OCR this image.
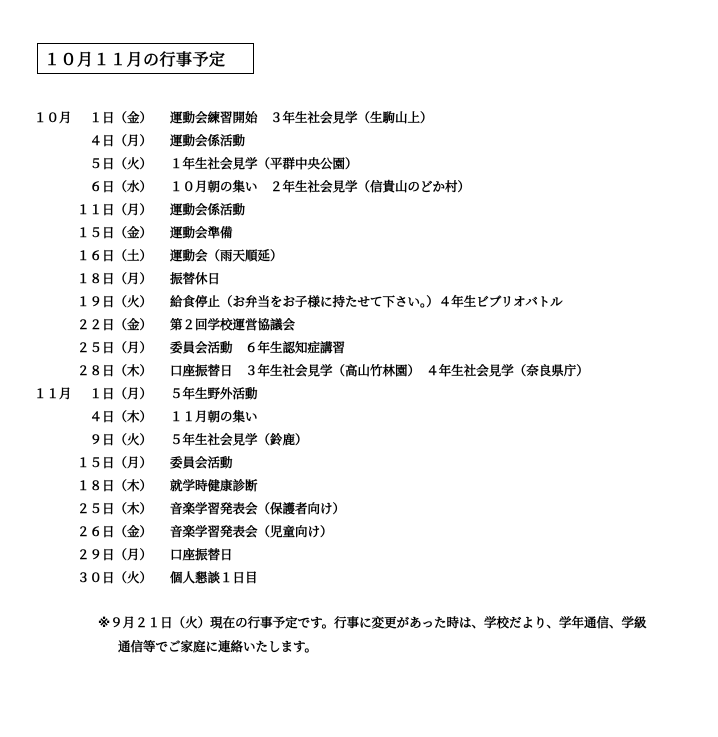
１０月１１月の行事予定
１０月	１日（金） 運動会練習開始　３年生社会見学（生駒山上）
４日（月） 運動会係活動
５日（火） １年生社会見学（平群中央公園）
６日（水） １０月朝の集い　２年生社会見学（信貴山のどか村）
１１日（月） 運動会係活動
１５日（金） 運動会準備
１６日（土） 運動会（雨天順延）
１８日（月） 振替休日
１９日（火） 給食停止（お弁当をお子様に持たせて下さい。）４年生ビブリオバトル
２２日（金） 第２回学校運営協議会
２５日（月） 委員会活動　６年生認知症講習
２８日（木） 口座振替日　３年生社会見学（高山竹林園）　４年生社会見学（奈良県庁）
１１月	１日（月） ５年生野外活動
４日（木） １１月朝の集い
９日（火） ５年生社会見学（鈴鹿）
１５日（月） 委員会活動
１８日（木） 就学時健康診断
２５日（木） 音楽学習発表会（保護者向け）
２６日（金） 音楽学習発表会（児童向け）
２９日（月） 口座振替日
３０日（火） 個人懇談１日目
※９月２１日（火）現在の行事予定です。行事に変更があった時は、学校だより、学年通信、学級
通信等でご家庭に連絡いたします。
